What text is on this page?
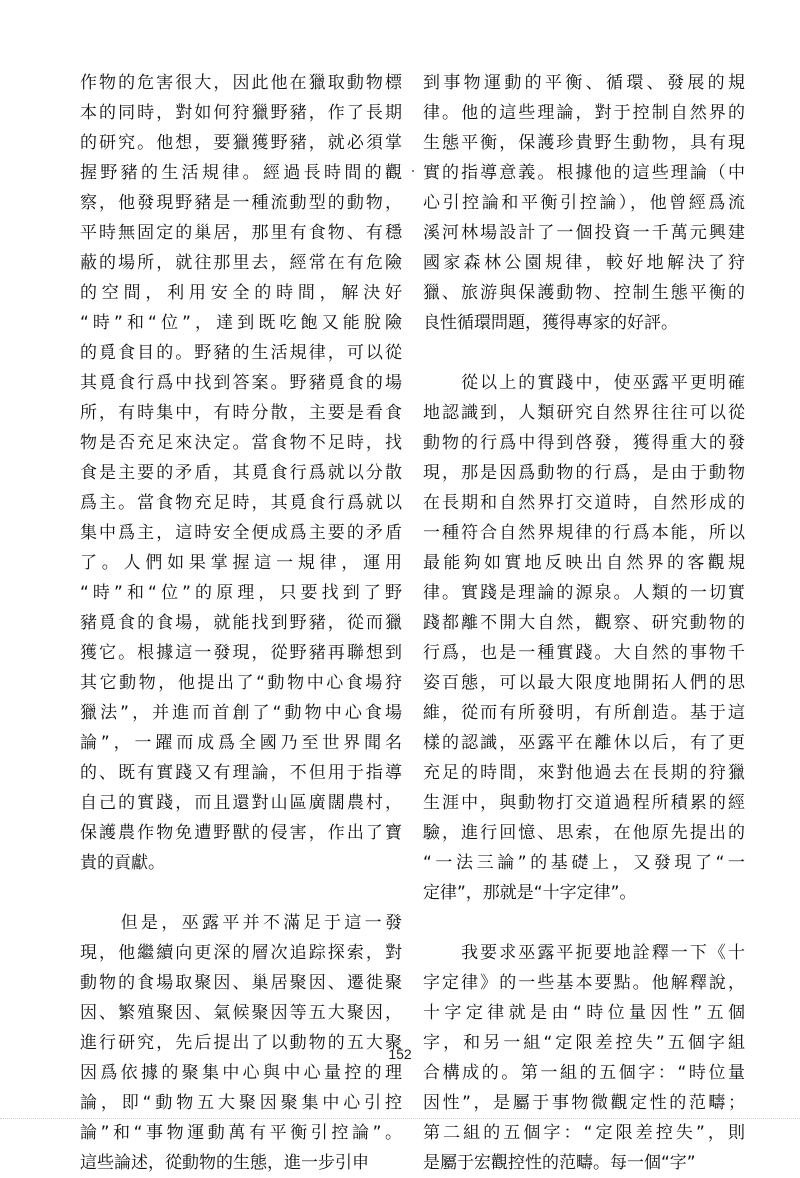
作物的危害很大，因此他在獵取動物標
本的同時，對如何狩獵野豬，作了長期
的研究。他想，要獵獲野豬，就必須掌
握野豬的生活規律。經過長時間的觀
察，他發現野豬是一種流動型的動物，
平時無固定的巢居，那里有食物、有穩
蔽的場所，就往那里去，經常在有危險
的空間，利用安全的時間，解決好
“時”和“位”，達到既吃飽又能脫險
的覓食目的。野豬的生活規律，可以從
其覓食行爲中找到答案。野豬覓食的場
所，有時集中，有時分散，主要是看食
物是否充足來決定。當食物不足時，找
食是主要的矛盾，其覓食行爲就以分散
爲主。當食物充足時，其覓食行爲就以
集中爲主，這時安全便成爲主要的矛盾
了。人們如果掌握這一規律，運用
“時”和“位”的原理，只要找到了野
豬覓食的食場，就能找到野豬，從而獵
獲它。根據這一發現，從野豬再聯想到
其它動物，他提出了“動物中心食場狩
獵法”，并進而首創了“動物中心食場
論”，一躍而成爲全國乃至世界聞名
的、既有實踐又有理論，不但用于指導
自己的實踐，而且還對山區廣闊農村，
保護農作物免遭野獸的侵害，作出了寶
貴的貢獻。
　　但是，巫露平并不滿足于這一發
現，他繼續向更深的層次追踪探索，對
動物的食場取聚因、巢居聚因、遷徙聚
因、繁殖聚因、氣候聚因等五大聚因，
進行研究，先后提出了以動物的五大聚
因爲依據的聚集中心與中心量控的理
論，即“動物五大聚因聚集中心引控
論”和“事物運動萬有平衡引控論”。
這些論述，從動物的生態，進一步引申
到事物運動的平衡、循環、發展的規
律。他的這些理論，對于控制自然界的
生態平衡，保護珍貴野生動物，具有現
實的指導意義。根據他的這些理論（中
心引控論和平衡引控論），他曾經爲流
溪河林場設計了一個投資一千萬元興建
國家森林公園規律，較好地解決了狩
獵、旅游與保護動物、控制生態平衡的
良性循環問題，獲得專家的好評。
　　從以上的實踐中，使巫露平更明確
地認識到，人類研究自然界往往可以從
動物的行爲中得到啓發，獲得重大的發
現，那是因爲動物的行爲，是由于動物
在長期和自然界打交道時，自然形成的
一種符合自然界規律的行爲本能，所以
最能夠如實地反映出自然界的客觀規
律。實踐是理論的源泉。人類的一切實
踐都離不開大自然，觀察、研究動物的
行爲，也是一種實踐。大自然的事物千
姿百態，可以最大限度地開拓人們的思
維，從而有所發明，有所創造。基于這
樣的認識，巫露平在離休以后，有了更
充足的時間，來對他過去在長期的狩獵
生涯中，與動物打交道過程所積累的經
驗，進行回憶、思索，在他原先提出的
“一法三論”的基礎上，又發現了“一
定律”，那就是“十字定律”。
　　我要求巫露平扼要地詮釋一下《十
字定律》的一些基本要點。他解釋說，
十字定律就是由“時位量因性”五個
字，和另一組“定限差控失”五個字組
合構成的。第一組的五個字：“時位量
因性”，是屬于事物微觀定性的范疇；
第二組的五個字：“定限差控失”，則
是屬于宏觀控性的范疇。每一個“字”
152
